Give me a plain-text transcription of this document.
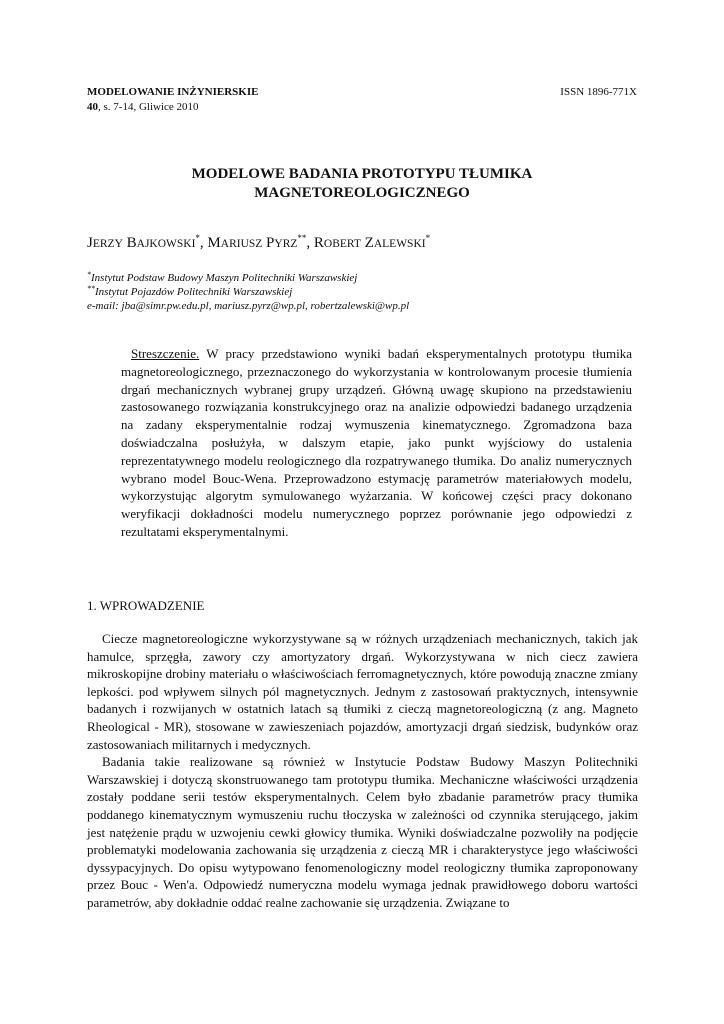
MODELOWANIE INŻYNIERSKIE
40, s. 7-14, Gliwice 2010
ISSN 1896-771X
MODELOWE BADANIA PROTOTYPU TŁUMIKA
MAGNETOREOLOGICZNEGO
JERZY BAJKOWSKI*, MARIUSZ PYRZ**, ROBERT ZALEWSKI*
*Instytut Podstaw Budowy Maszyn Politechniki Warszawskiej
**Instytut Pojazdów Politechniki Warszawskiej
e-mail: jba@simr.pw.edu.pl, mariusz.pyrz@wp.pl, robertzalewski@wp.pl
Streszczenie. W pracy przedstawiono wyniki badań eksperymentalnych prototypu tłumika magnetoreologicznego, przeznaczonego do wykorzystania w kontrolowanym procesie tłumienia drgań mechanicznych wybranej grupy urządzeń. Główną uwagę skupiono na przedstawieniu zastosowanego rozwiązania konstrukcyjnego oraz na analizie odpowiedzi badanego urządzenia na zadany eksperymentalnie rodzaj wymuszenia kinematycznego. Zgromadzona baza doświadczalna posłużyła, w dalszym etapie, jako punkt wyjściowy do ustalenia reprezentatywnego modelu reologicznego dla rozpatrywanego tłumika. Do analiz numerycznych wybrano model Bouc-Wena. Przeprowadzono estymację parametrów materiałowych modelu, wykorzystując algorytm symulowanego wyżarzania. W końcowej części pracy dokonano weryfikacji dokładności modelu numerycznego poprzez porównanie jego odpowiedzi z rezultatami eksperymentalnymi.
1. WPROWADZENIE

Ciecze magnetoreologiczne wykorzystywane są w różnych urządzeniach mechanicznych, takich jak hamulce, sprzęgła, zawory czy amortyzatory drgań. Wykorzystywana w nich ciecz zawiera mikroskopijne drobiny materiału o właściwościach ferromagnetycznych, które powodują znaczne zmiany lepkości. pod wpływem silnych pól magnetycznych. Jednym z zastosowań praktycznych, intensywnie badanych i rozwijanych w ostatnich latach są tłumiki z cieczą magnetoreologiczną (z ang. Magneto Rheological - MR), stosowane w zawieszeniach pojazdów, amortyzacji drgań siedzisk, budynków oraz zastosowaniach militarnych i medycznych.

Badania takie realizowane są również w Instytucie Podstaw Budowy Maszyn Politechniki Warszawskiej i dotyczą skonstruowanego tam prototypu tłumika. Mechaniczne właściwości urządzenia zostały poddane serii testów eksperymentalnych. Celem było zbadanie parametrów pracy tłumika poddanego kinematycznym wymuszeniu ruchu tłoczyska w zależności od czynnika sterującego, jakim jest natężenie prądu w uzwojeniu cewki głowicy tłumika. Wyniki doświadczalne pozwoliły na podjęcie problematyki modelowania zachowania się urządzenia z cieczą MR i charakterystyce jego właściwości dyssypacyjnych. Do opisu wytypowano fenomenologiczny model reologiczny tłumika zaproponowany przez Bouc - Wen'a. Odpowiedź numeryczna modelu wymaga jednak prawidłowego doboru wartości parametrów, aby dokładnie oddać realne zachowanie się urządzenia. Związane to
